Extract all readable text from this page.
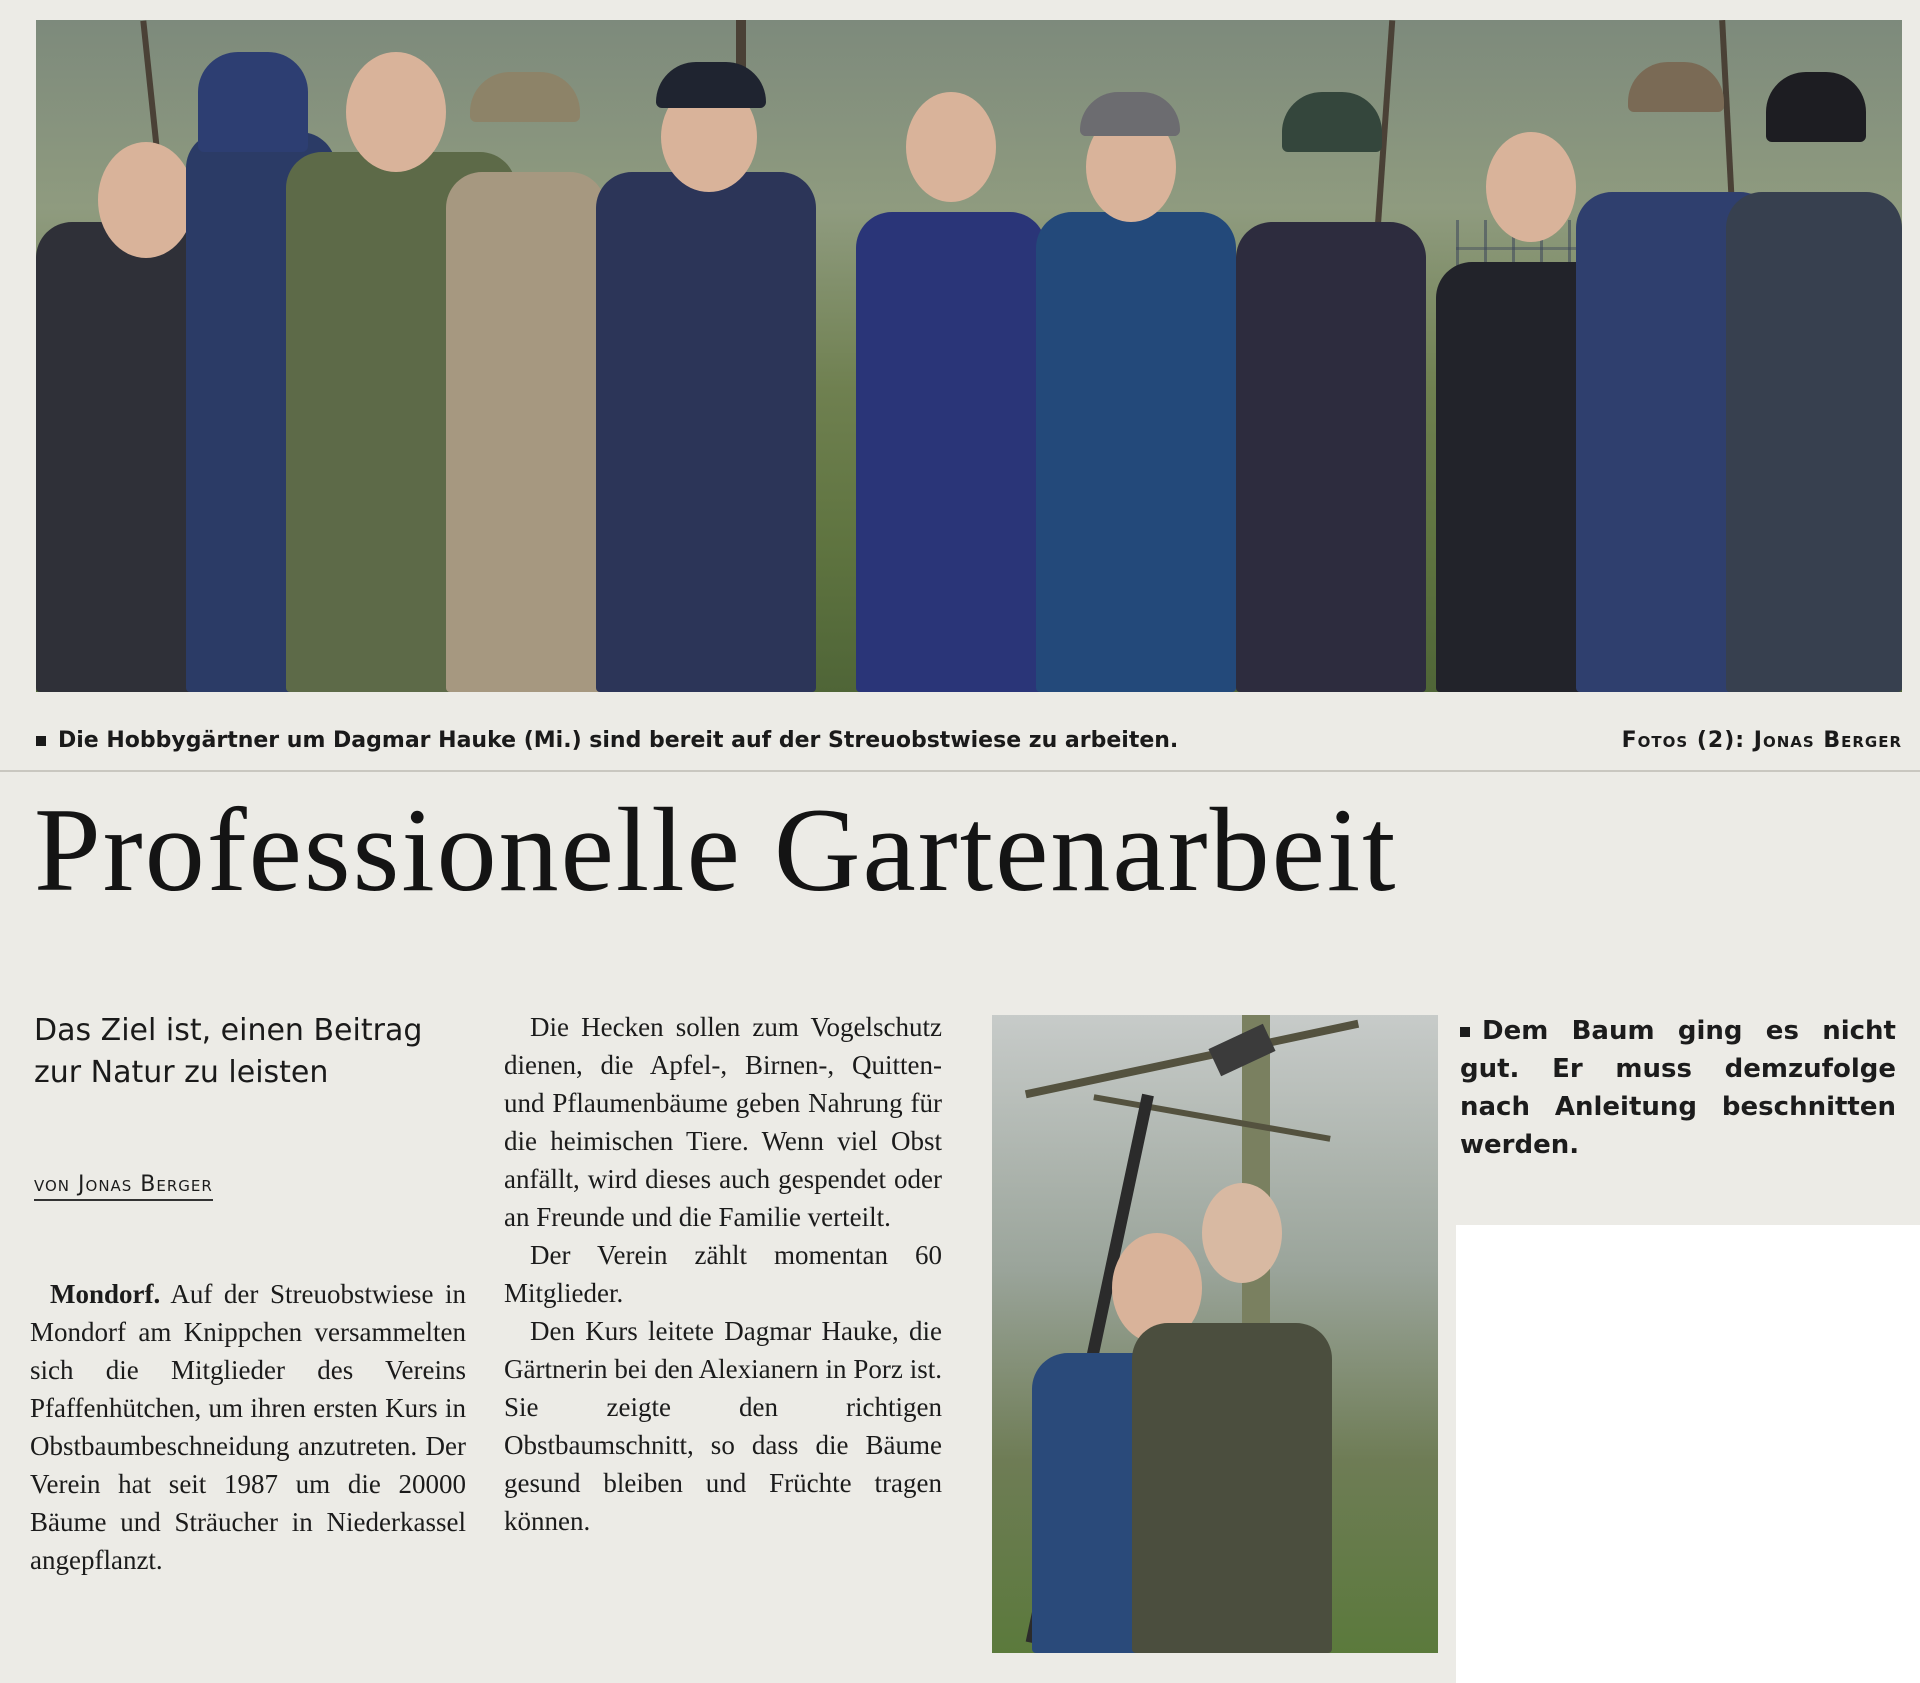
Die Hobbygärtner um Dagmar Hauke (Mi.) sind bereit auf der Streuobstwiese zu arbeiten.	Fotos (2): Jonas Berger
Professionelle Gartenarbeit
Das Ziel ist, einen Beitrag zur Natur zu leisten
von Jonas Berger

Mondorf. Auf der Streuobstwiese in Mondorf am Knippchen versammelten sich die Mitglieder des Vereins Pfaffenhütchen, um ihren ersten Kurs in Obstbaumbeschneidung anzutreten. Der Verein hat seit 1987 um die 20000 Bäume und Sträucher in Niederkassel angepflanzt.

Die Hecken sollen zum Vogelschutz dienen, die Apfel-, Birnen-, Quitten- und Pflaumenbäume geben Nahrung für die heimischen Tiere. Wenn viel Obst anfällt, wird dieses auch gespendet oder an Freunde und die Familie verteilt.

Der Verein zählt momentan 60 Mitglieder.

Den Kurs leitete Dagmar Hauke, die Gärtnerin bei den Alexianern in Porz ist. Sie zeigte den richtigen Obstbaumschnitt, so dass die Bäume gesund bleiben und Früchte tragen können.

Dem Baum ging es nicht gut. Er muss demzufolge nach Anleitung beschnitten werden.
